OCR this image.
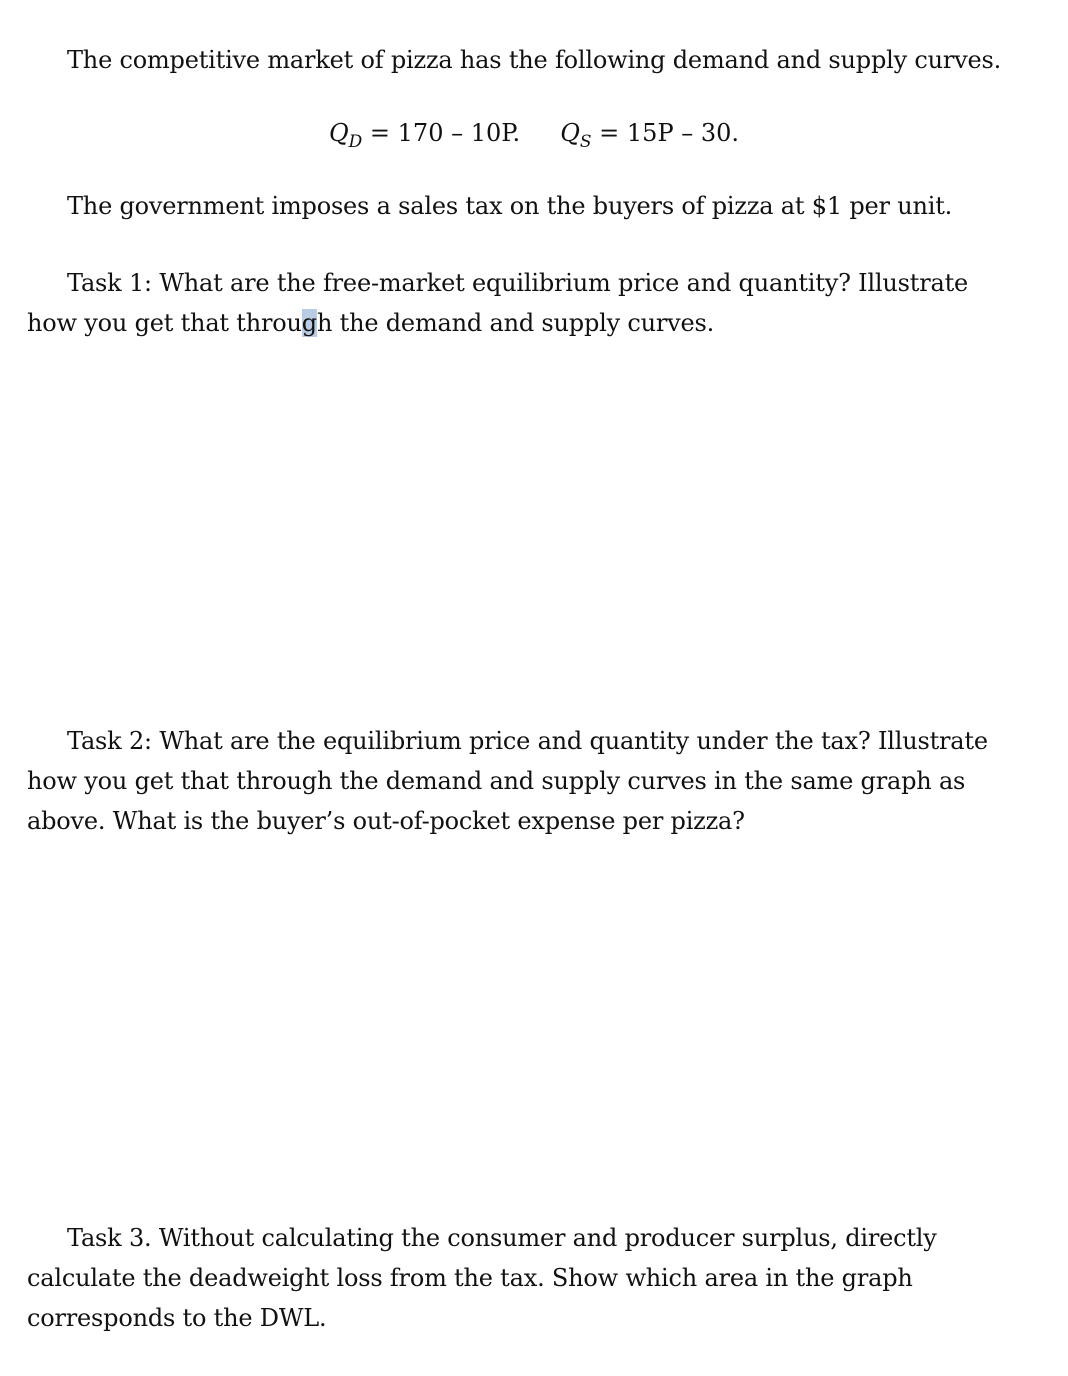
The competitive market of pizza has the following demand and supply curves.

$Q_D = 170 - 10P$. $Q_S = 15P - 30$.

The government imposes a sales tax on the buyers of pizza at $1 per unit.

Task 1: What are the free-market equilibrium price and quantity? Illustrate how you get that through the demand and supply curves.

Task 2: What are the equilibrium price and quantity under the tax? Illustrate how you get that through the demand and supply curves in the same graph as above. What is the buyer’s out-of-pocket expense per pizza?

Task 3. Without calculating the consumer and producer surplus, directly calculate the deadweight loss from the tax. Show which area in the graph corresponds to the DWL.
